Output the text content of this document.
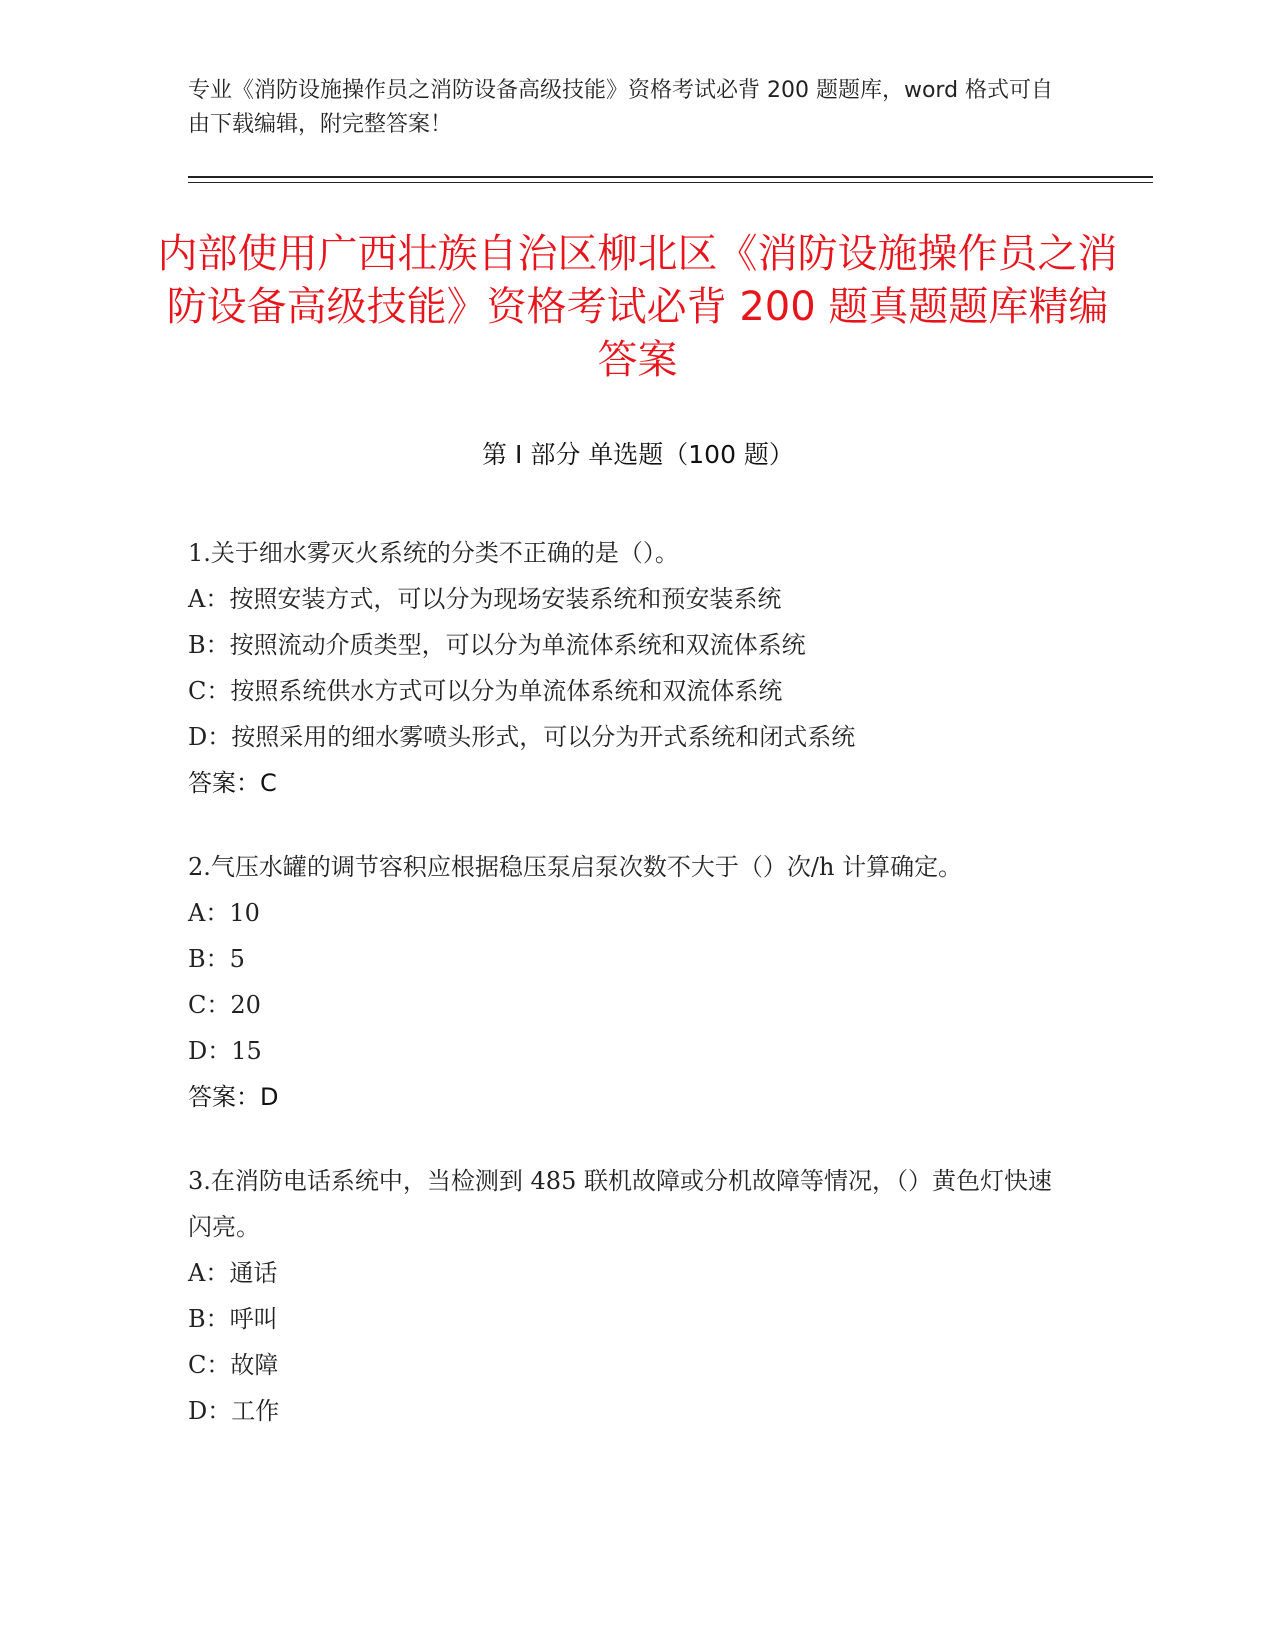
专业《消防设施操作员之消防设备高级技能》资格考试必背 200 题题库，word 格式可自由下载编辑，附完整答案！
内部使用广西壮族自治区柳北区《消防设施操作员之消防设备高级技能》资格考试必背 200 题真题题库精编答案
第 I 部分 单选题（100 题）

1.关于细水雾灭火系统的分类不正确的是（）。

A：按照安装方式，可以分为现场安装系统和预安装系统

B：按照流动介质类型，可以分为单流体系统和双流体系统

C：按照系统供水方式可以分为单流体系统和双流体系统

D：按照采用的细水雾喷头形式，可以分为开式系统和闭式系统

答案：C

2.气压水罐的调节容积应根据稳压泵启泵次数不大于（）次/h 计算确定。

A：10

B：5

C：20

D：15

答案：D

3.在消防电话系统中，当检测到 485 联机故障或分机故障等情况，（）黄色灯快速闪亮。

A：通话

B：呼叫

C：故障

D：工作
